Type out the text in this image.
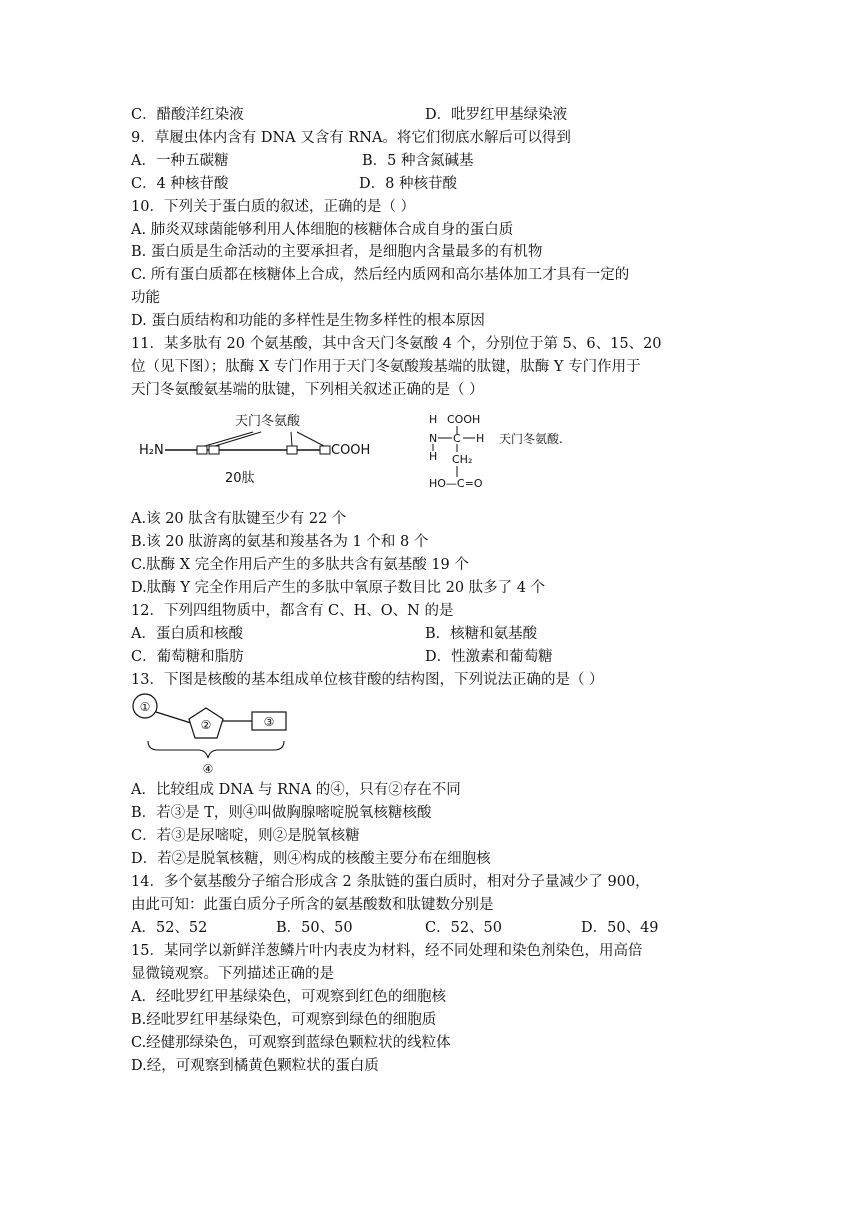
C．醋酸洋红染液	D．吡罗红甲基绿染液
9．草履虫体内含有 DNA 又含有 RNA。将它们彻底水解后可以得到
A．一种五碳糖	B．5 种含氮碱基
C．4 种核苷酸	D．8 种核苷酸
10．下列关于蛋白质的叙述，正确的是（ ）
A. 肺炎双球菌能够利用人体细胞的核糖体合成自身的蛋白质
B. 蛋白质是生命活动的主要承担者，是细胞内含量最多的有机物
C. 所有蛋白质都在核糖体上合成，然后经内质网和高尔基体加工才具有一定的
功能
D. 蛋白质结构和功能的多样性是生物多样性的根本原因
11．某多肽有 20 个氨基酸，其中含天门冬氨酸 4 个，分别位于第 5、6、15、20
位（见下图）；肽酶 X 专门作用于天门冬氨酸羧基端的肽键，肽酶 Y 专门作用于
天门冬氨酸氨基端的肽键，下列相关叙述正确的是（ ）
天门冬氨酸
H₂N	COOH
20肽
H COOH
N C H
H CH₂
HO—C=O
天门冬氨酸.
A.该 20 肽含有肽键至少有 22 个
B.该 20 肽游离的氨基和羧基各为 1 个和 8 个
C.肽酶 X 完全作用后产生的多肽共含有氨基酸 19 个
D.肽酶 Y 完全作用后产生的多肽中氧原子数目比 20 肽多了 4 个
12．下列四组物质中，都含有 C、H、O、N 的是
A．蛋白质和核酸	B．核糖和氨基酸
C．葡萄糖和脂肪	D．性激素和葡萄糖
13．下图是核酸的基本组成单位核苷酸的结构图，下列说法正确的是（ ）
①
②	③
④
A．比较组成 DNA 与 RNA 的④，只有②存在不同
B．若③是 T，则④叫做胸腺嘧啶脱氧核糖核酸
C．若③是尿嘧啶，则②是脱氧核糖
D．若②是脱氧核糖，则④构成的核酸主要分布在细胞核
14．多个氨基酸分子缩合形成含 2 条肽链的蛋白质时，相对分子量减少了 900，
由此可知：此蛋白质分子所含的氨基酸数和肽键数分别是
A．52、52	B．50、50	C．52、50	D．50、49
15．某同学以新鲜洋葱鳞片叶内表皮为材料，经不同处理和染色剂染色，用高倍
显微镜观察。下列描述正确的是
A．经吡罗红甲基绿染色，可观察到红色的细胞核
B.经吡罗红甲基绿染色，可观察到绿色的细胞质
C.经健那绿染色，可观察到蓝绿色颗粒状的线粒体
D.经，可观察到橘黄色颗粒状的蛋白质
